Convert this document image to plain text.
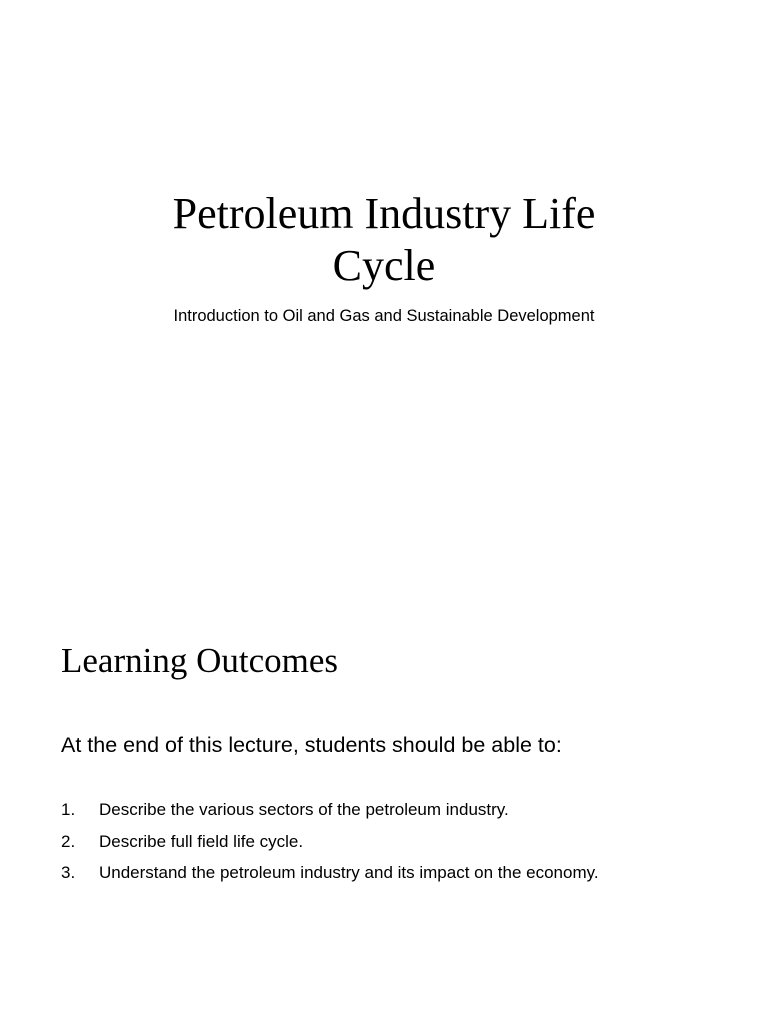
Petroleum Industry Life
Cycle

Introduction to Oil and Gas and Sustainable Development

Learning Outcomes

At the end of this lecture, students should be able to:

1.	Describe the various sectors of the petroleum industry.
2.	Describe full field life cycle.
3.	Understand the petroleum industry and its impact on the economy.
